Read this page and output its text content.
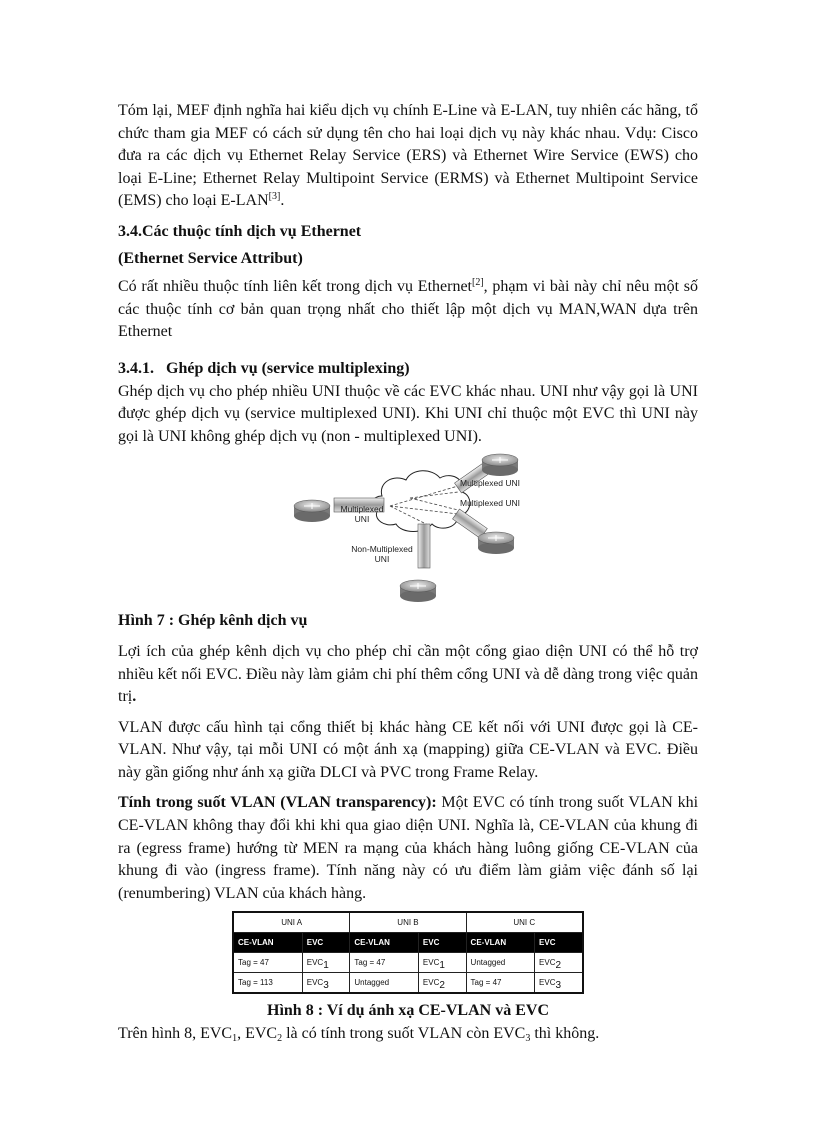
Tóm lại, MEF định nghĩa hai kiểu dịch vụ chính E-Line và E-LAN, tuy nhiên các hãng, tổ chức tham gia MEF có cách sử dụng tên cho hai loại dịch vụ này khác nhau. Vdụ: Cisco đưa ra các dịch vụ Ethernet Relay Service (ERS) và Ethernet Wire Service (EWS) cho loại E-Line; Ethernet Relay Multipoint Service (ERMS) và Ethernet Multipoint Service (EMS) cho loại E-LAN[3].

3.4.Các thuộc tính dịch vụ Ethernet
(Ethernet Service Attribut)

Có rất nhiều thuộc tính liên kết trong dịch vụ Ethernet[2], phạm vi bài này chỉ nêu một số các thuộc tính cơ bản quan trọng nhất cho thiết lập một dịch vụ MAN,WAN dựa trên Ethernet

3.4.1.   Ghép dịch vụ (service multiplexing)

Ghép dịch vụ cho phép nhiều UNI thuộc về các EVC khác nhau. UNI như vậy gọi là UNI được ghép dịch vụ (service multiplexed UNI). Khi UNI chỉ thuộc một EVC thì UNI này gọi là UNI không ghép dịch vụ (non - multiplexed UNI).

Multiplexed UNI
Multiplexed UNI
Multiplexed
UNI
Non-Multiplexed
UNI

Hình 7 : Ghép kênh dịch vụ

Lợi ích của ghép kênh dịch vụ cho phép chỉ cần một cổng giao diện UNI có thể hỗ trợ nhiều kết nối EVC. Điều này làm giảm chi phí thêm cổng UNI và dễ dàng trong việc quản trị.

VLAN được cấu hình tại cổng thiết bị khác hàng CE kết nối với UNI được gọi là CE-VLAN. Như vậy, tại mỗi UNI có một ánh xạ (mapping) giữa CE-VLAN và EVC. Điều này gần giống như ánh xạ giữa DLCI và PVC trong Frame Relay.

Tính trong suốt VLAN (VLAN transparency): Một EVC có tính trong suốt VLAN khi CE-VLAN không thay đổi khi khi qua giao diện UNI. Nghĩa là, CE-VLAN của khung đi ra (egress frame) hướng từ MEN ra mạng của khách hàng luông giống CE-VLAN của khung đi vào (ingress frame). Tính năng này có ưu điểm làm giảm việc đánh số lại (renumbering) VLAN của khách hàng.

UNI A		UNI B		UNI C	
CE-VLAN	EVC	CE-VLAN	EVC	CE-VLAN	EVC
Tag = 47	$EVC_1$	Tag = 47	$EVC_1$	Untagged	$EVC_2$
Tag = 113	$EVC_3$	Untagged	$EVC_2$	Tag = 47	$EVC_3$

Hình 8 : Ví dụ ánh xạ CE-VLAN và EVC

Trên hình 8, $EVC_1$, $EVC_2$ là có tính trong suốt VLAN còn $EVC_3$ thì không.
